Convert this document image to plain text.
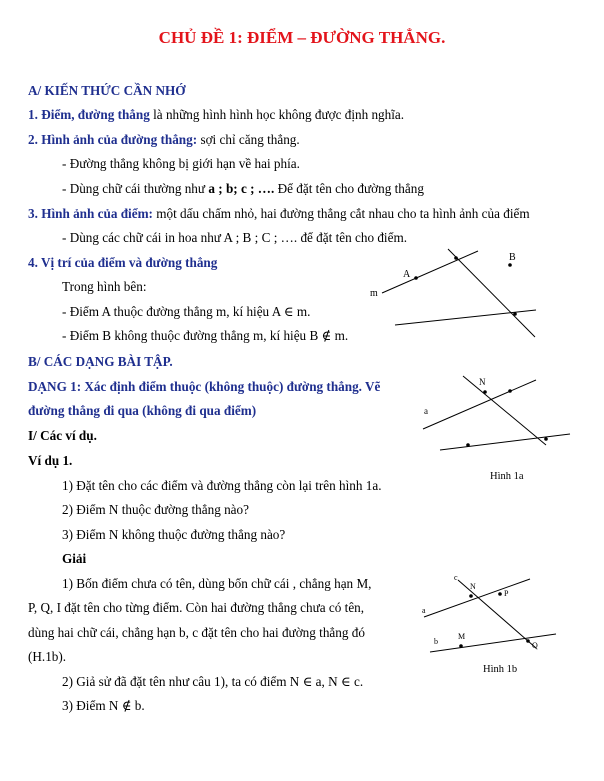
CHỦ ĐỀ 1: ĐIỂM – ĐƯỜNG THẲNG.
A/ KIẾN THỨC CẦN NHỚ
1. Điểm, đường thẳng là những hình hình học không được định nghĩa.
2. Hình ảnh của đường thẳng: sợi chỉ căng thẳng.
- Đường thẳng không bị giới hạn về hai phía.
- Dùng chữ cái thường như a ; b; c ; …. Để đặt tên cho đường thẳng
3. Hình ảnh của điểm: một dấu chấm nhỏ, hai đường thẳng cắt nhau cho ta hình ảnh của điểm
- Dùng các chữ cái in hoa như A ; B ; C ; …. để đặt tên cho điểm.
4. Vị trí của điểm và đường thẳng
Trong hình bên:
- Điểm A thuộc đường thẳng m, kí hiệu A ∈ m.
- Điểm B không thuộc đường thẳng m, kí hiệu B ∉ m.
A
B
m
B/ CÁC DẠNG BÀI TẬP.
DẠNG 1: Xác định điểm thuộc (không thuộc) đường thẳng. Vẽ
đường thẳng đi qua (không đi qua điểm)
I/ Các ví dụ.
Ví dụ 1.
N
a
Hình 1a
1) Đặt tên cho các điểm và đường thẳng còn lại trên hình 1a.
2) Điểm N thuộc đường thẳng nào?
3) Điểm N không thuộc đường thẳng nào?
Giải
1) Bốn điểm chưa có tên, dùng bốn chữ cái , chẳng hạn M,
P, Q, I đặt tên cho từng điểm. Còn hai đường thẳng chưa có tên,
dùng hai chữ cái, chẳng hạn b, c đặt tên cho hai đường thẳng đó
(H.1b).
c
N
P
a
b
M
Q
Hình 1b
2) Giả sử đã đặt tên như câu 1), ta có điểm N ∈ a, N ∈ c.
3) Điểm N ∉ b.
